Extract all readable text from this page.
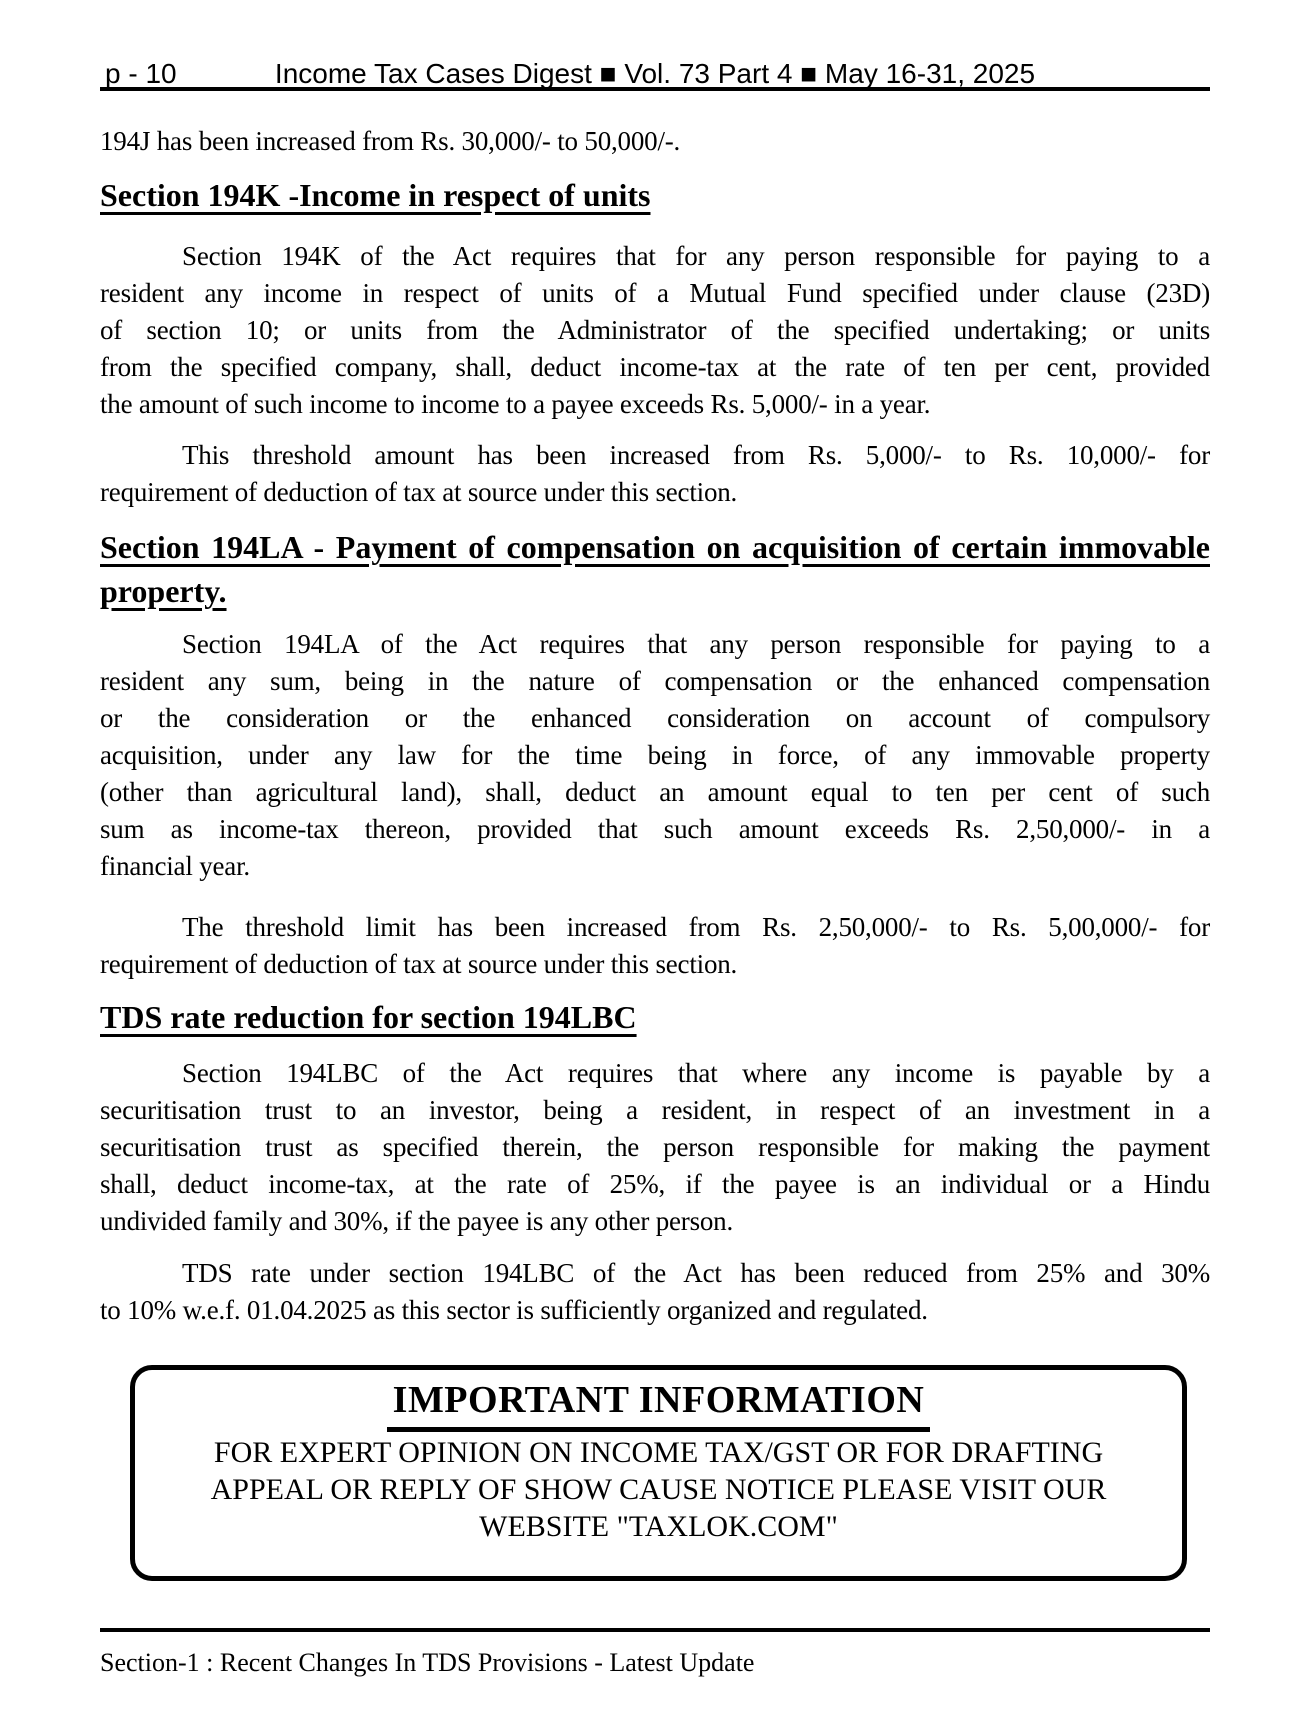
p - 10	Income Tax Cases Digest ■ Vol. 73 Part 4 ■ May 16-31, 2025
194J has been increased from Rs. 30,000/- to 50,000/-.
Section 194K -Income in respect of units
Section 194K of the Act requires that for any person responsible for paying to a
resident any income in respect of units of a Mutual Fund specified under clause (23D)
of section 10; or units from the Administrator of the specified undertaking; or units
from the specified company, shall, deduct income-tax at the rate of ten per cent, provided
the amount of such income to income to a payee exceeds Rs. 5,000/- in a year.
This threshold amount has been increased from Rs. 5,000/- to Rs. 10,000/- for
requirement of deduction of tax at source under this section.
Section 194LA - Payment of compensation on acquisition of certain immovable property.
Section 194LA of the Act requires that any person responsible for paying to a
resident any sum, being in the nature of compensation or the enhanced compensation
or the consideration or the enhanced consideration on account of compulsory
acquisition, under any law for the time being in force, of any immovable property
(other than agricultural land), shall, deduct an amount equal to ten per cent of such
sum as income-tax thereon, provided that such amount exceeds Rs. 2,50,000/- in a
financial year.
The threshold limit has been increased from Rs. 2,50,000/- to Rs. 5,00,000/- for
requirement of deduction of tax at source under this section.
TDS rate reduction for section 194LBC
Section 194LBC of the Act requires that where any income is payable by a
securitisation trust to an investor, being a resident, in respect of an investment in a
securitisation trust as specified therein, the person responsible for making the payment
shall, deduct income-tax, at the rate of 25%, if the payee is an individual or a Hindu
undivided family and 30%, if the payee is any other person.
TDS rate under section 194LBC of the Act has been reduced from 25% and 30%
to 10% w.e.f. 01.04.2025 as this sector is sufficiently organized and regulated.
IMPORTANT INFORMATION
FOR EXPERT OPINION ON INCOME TAX/GST OR FOR DRAFTING
APPEAL OR REPLY OF SHOW CAUSE NOTICE PLEASE VISIT OUR
WEBSITE "TAXLOK.COM"
Section-1 : Recent Changes In TDS Provisions - Latest Update
